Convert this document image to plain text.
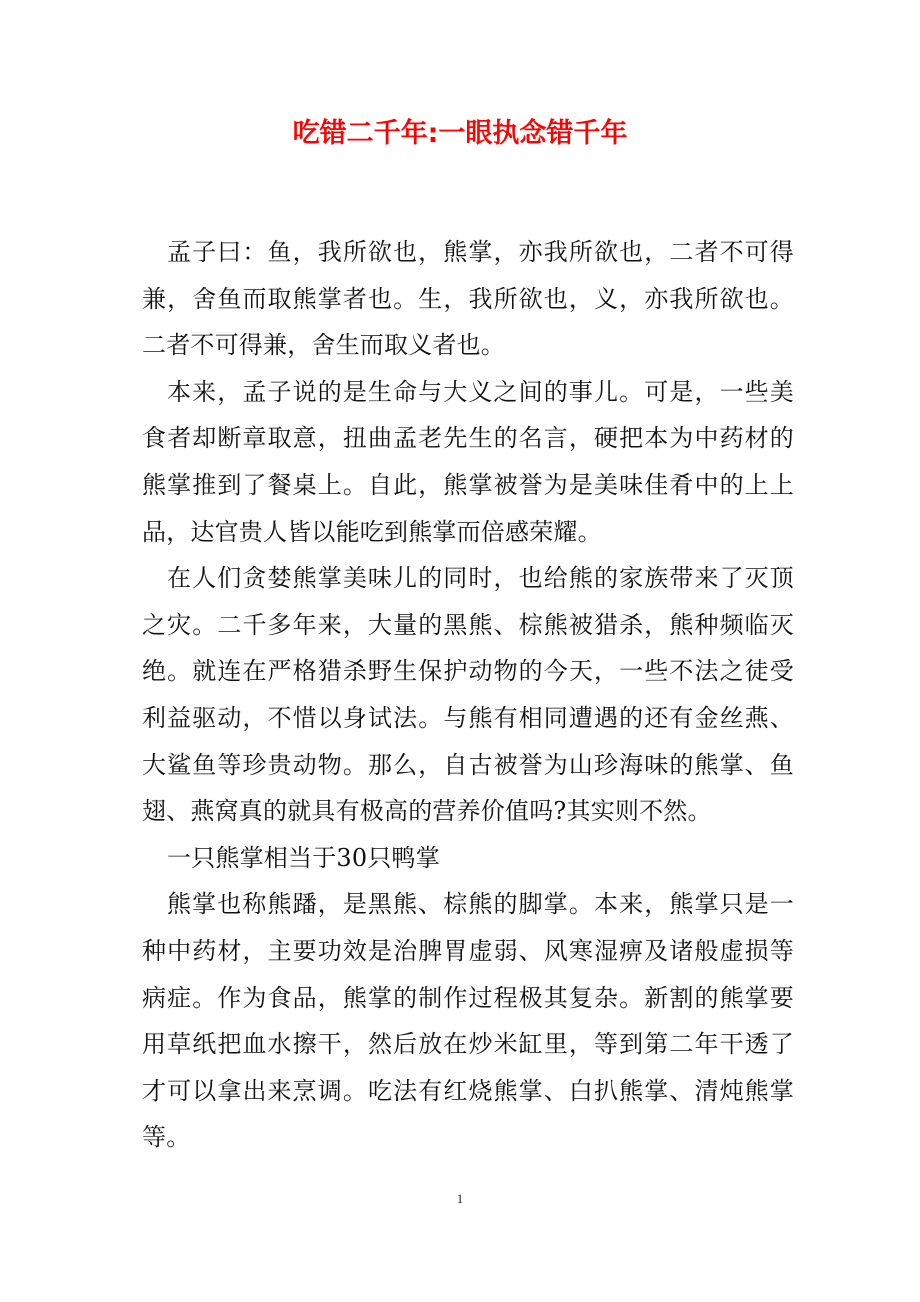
吃错二千年:一眼执念错千年

孟子曰：鱼，我所欲也，熊掌，亦我所欲也，二者不可得兼，舍鱼而取熊掌者也。生，我所欲也，义，亦我所欲也。二者不可得兼，舍生而取义者也。

本来，孟子说的是生命与大义之间的事儿。可是，一些美食者却断章取意，扭曲孟老先生的名言，硬把本为中药材的熊掌推到了餐桌上。自此，熊掌被誉为是美味佳肴中的上上品，达官贵人皆以能吃到熊掌而倍感荣耀。

在人们贪婪熊掌美味儿的同时，也给熊的家族带来了灭顶之灾。二千多年来，大量的黑熊、棕熊被猎杀，熊种频临灭绝。就连在严格猎杀野生保护动物的今天，一些不法之徒受利益驱动，不惜以身试法。与熊有相同遭遇的还有金丝燕、大鲨鱼等珍贵动物。那么，自古被誉为山珍海味的熊掌、鱼翅、燕窝真的就具有极高的营养价值吗?其实则不然。

一只熊掌相当于30只鸭掌

熊掌也称熊蹯，是黑熊、棕熊的脚掌。本来，熊掌只是一种中药材，主要功效是治脾胃虚弱、风寒湿痹及诸般虚损等病症。作为食品，熊掌的制作过程极其复杂。新割的熊掌要用草纸把血水擦干，然后放在炒米缸里，等到第二年干透了才可以拿出来烹调。吃法有红烧熊掌、白扒熊掌、清炖熊掌等。

1
